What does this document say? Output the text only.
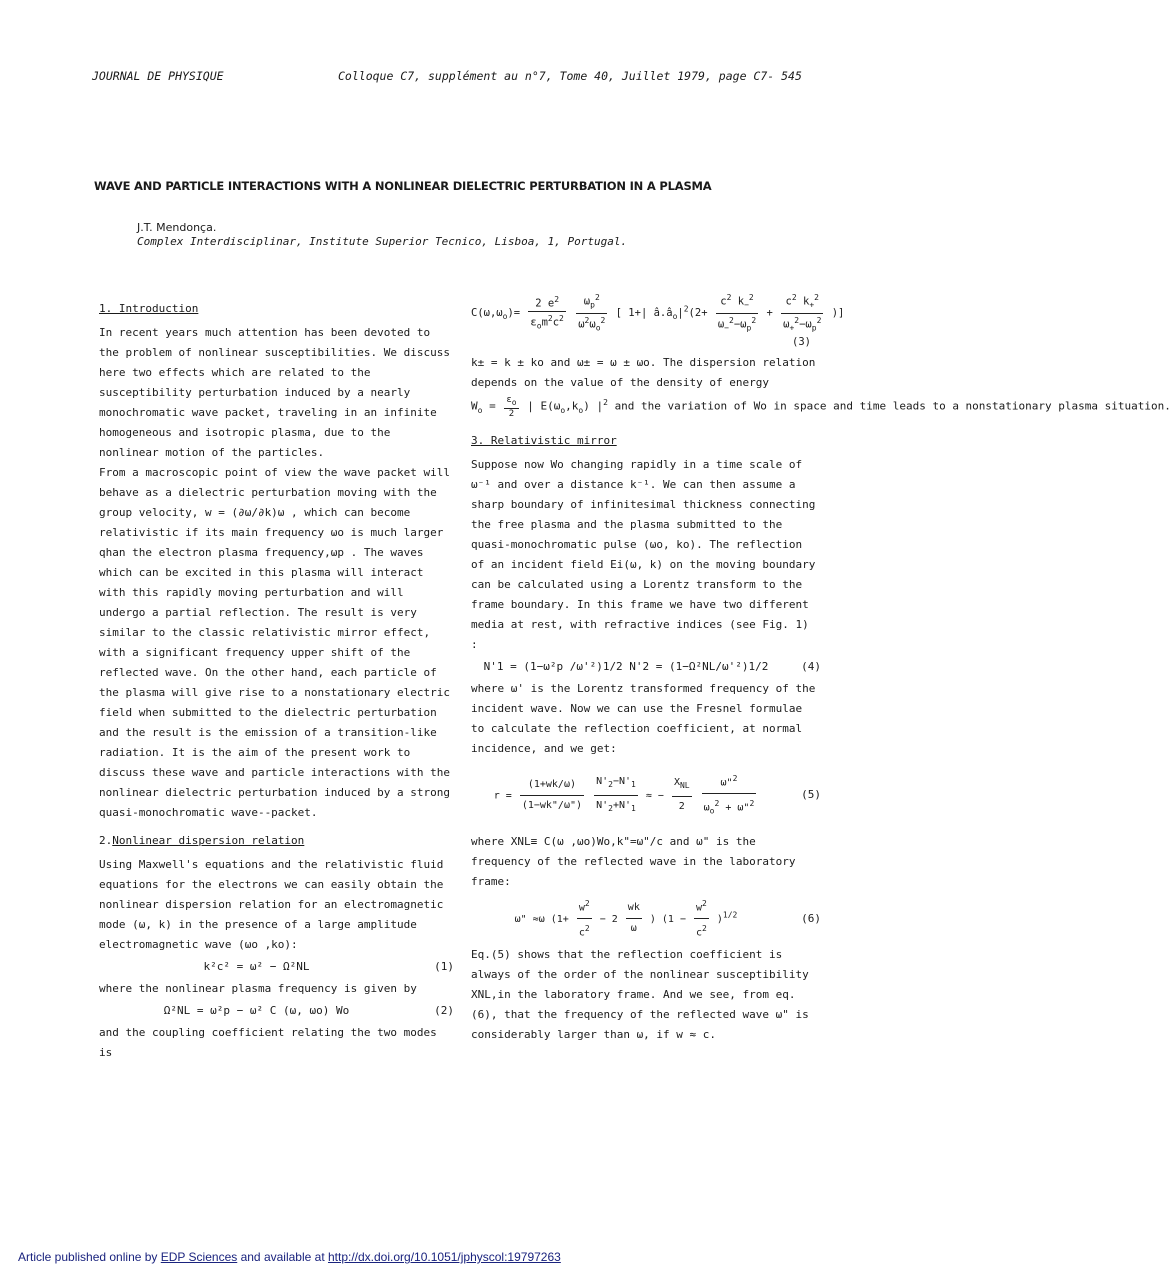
JOURNAL DE PHYSIQUE	Colloque C7, supplément au n°7, Tome 40, Juillet 1979, page C7- 545
WAVE AND PARTICLE INTERACTIONS WITH A NONLINEAR DIELECTRIC PERTURBATION IN A PLASMA
J.T. Mendonça.
Complex Interdisciplinar, Institute Superior Tecnico, Lisboa, 1, Portugal.

1. Introduction

In recent years much attention has been devoted to the problem of nonlinear susceptibilities. We discuss here two effects which are related to the susceptibility perturbation induced by a nearly monochromatic wave packet, traveling in an infinite homogeneous and isotropic plasma, due to the nonlinear motion of the particles.

From a macroscopic point of view the wave packet will behave as a dielectric perturbation moving with the group velocity, w = (∂ω/∂k)ω , which can become relativistic if its main frequency ωo is much larger qhan the electron plasma frequency,ωp . The waves which can be excited in this plasma will interact with this rapidly moving perturbation and will undergo a partial reflection. The result is very similar to the classic relativistic mirror effect, with a significant frequency upper shift of the reflected wave. On the other hand, each particle of the plasma will give rise to a nonstationary electric field when submitted to the dielectric perturbation and the result is the emission of a transition-like radiation. It is the aim of the present work to discuss these wave and particle interactions with the nonlinear dielectric perturbation induced by a strong quasi-monochromatic wave--packet.

2.Nonlinear dispersion relation

Using Maxwell's equations and the relativistic fluid equations for the electrons we can easily obtain the nonlinear dispersion relation for an electromagnetic mode (ω, k) in the presence of a large amplitude electromagnetic wave (ωo ,ko):

k²c² = ω² − Ω²NL	(1)

where the nonlinear plasma frequency is given by

Ω²NL = ω²p − ω² C (ω, ωo) Wo	(2)

and the coupling coefficient relating the two modes is

$C(\omega,\omega_o)= \frac{2 e^2}{\varepsilon_om^2c^2}$
$\frac{\omega_p^2}{\omega^2\omega_o^2}$ [ 1+| $â.â_o|^2(2+ \frac{c^2 k_-^2}{\omega_-^2-\omega_p^2} + \frac{c^2 k_+^2}{\omega_+^2-\omega_p^2}$ )]
(3)

k± = k ± ko and ω± = ω ± ωo. The dispersion relation depends on the value of the density of energy

$W_o = \frac{\varepsilon_o}{2}$ | $E(\omega_o,k_o)$ $|^2$ and the variation of Wo in space and time leads to a nonstationary plasma situation.

3. Relativistic mirror

Suppose now Wo changing rapidly in a time scale of ω⁻¹ and over a distance k⁻¹. We can then assume a sharp boundary of infinitesimal thickness connecting the free plasma and the plasma submitted to the quasi-monochromatic pulse (ωo, ko). The reflection of an incident field Ei(ω, k) on the moving boundary can be calculated using a Lorentz transform to the frame boundary. In this frame we have two different media at rest, with refractive indices (see Fig. 1) :

N'1 = (1−ω²p /ω'²)1/2 N'2 = (1−Ω²NL/ω'²)1/2	(4)

where ω' is the Lorentz transformed frequency of the incident wave. Now we can use the Fresnel formulae to calculate the reflection coefficient, at normal incidence, and we get:

$r = \frac{(1+wk/\omega)}{(1-wk"/\omega")}$
$\frac{N'_2-N'_1}{N'_2+N'_1}$ ≈ − $\frac{X_{NL}}{2}$
$\frac{\omega"^2}{\omega_o^2 + \omega"^2}$	(5)

where XNL≡ C(ω ,ωo)Wo,k"=ω"/c and ω" is the frequency of the reflected wave in the laboratory frame:

ω" ≈ω ($1+ \frac{w^2}{c^2} - 2 \frac{wk}{\omega}$ ) $(1 - \frac{w^2}{c^2} )^{1/2}$	(6)

Eq.(5) shows that the reflection coefficient is always of the order of the nonlinear susceptibility XNL,in the laboratory frame. And we see, from eq.(6), that the frequency of the reflected wave ω" is considerably larger than ω, if w ≈ c.

Article published online by EDP Sciences and available at http://dx.doi.org/10.1051/jphyscol:19797263
